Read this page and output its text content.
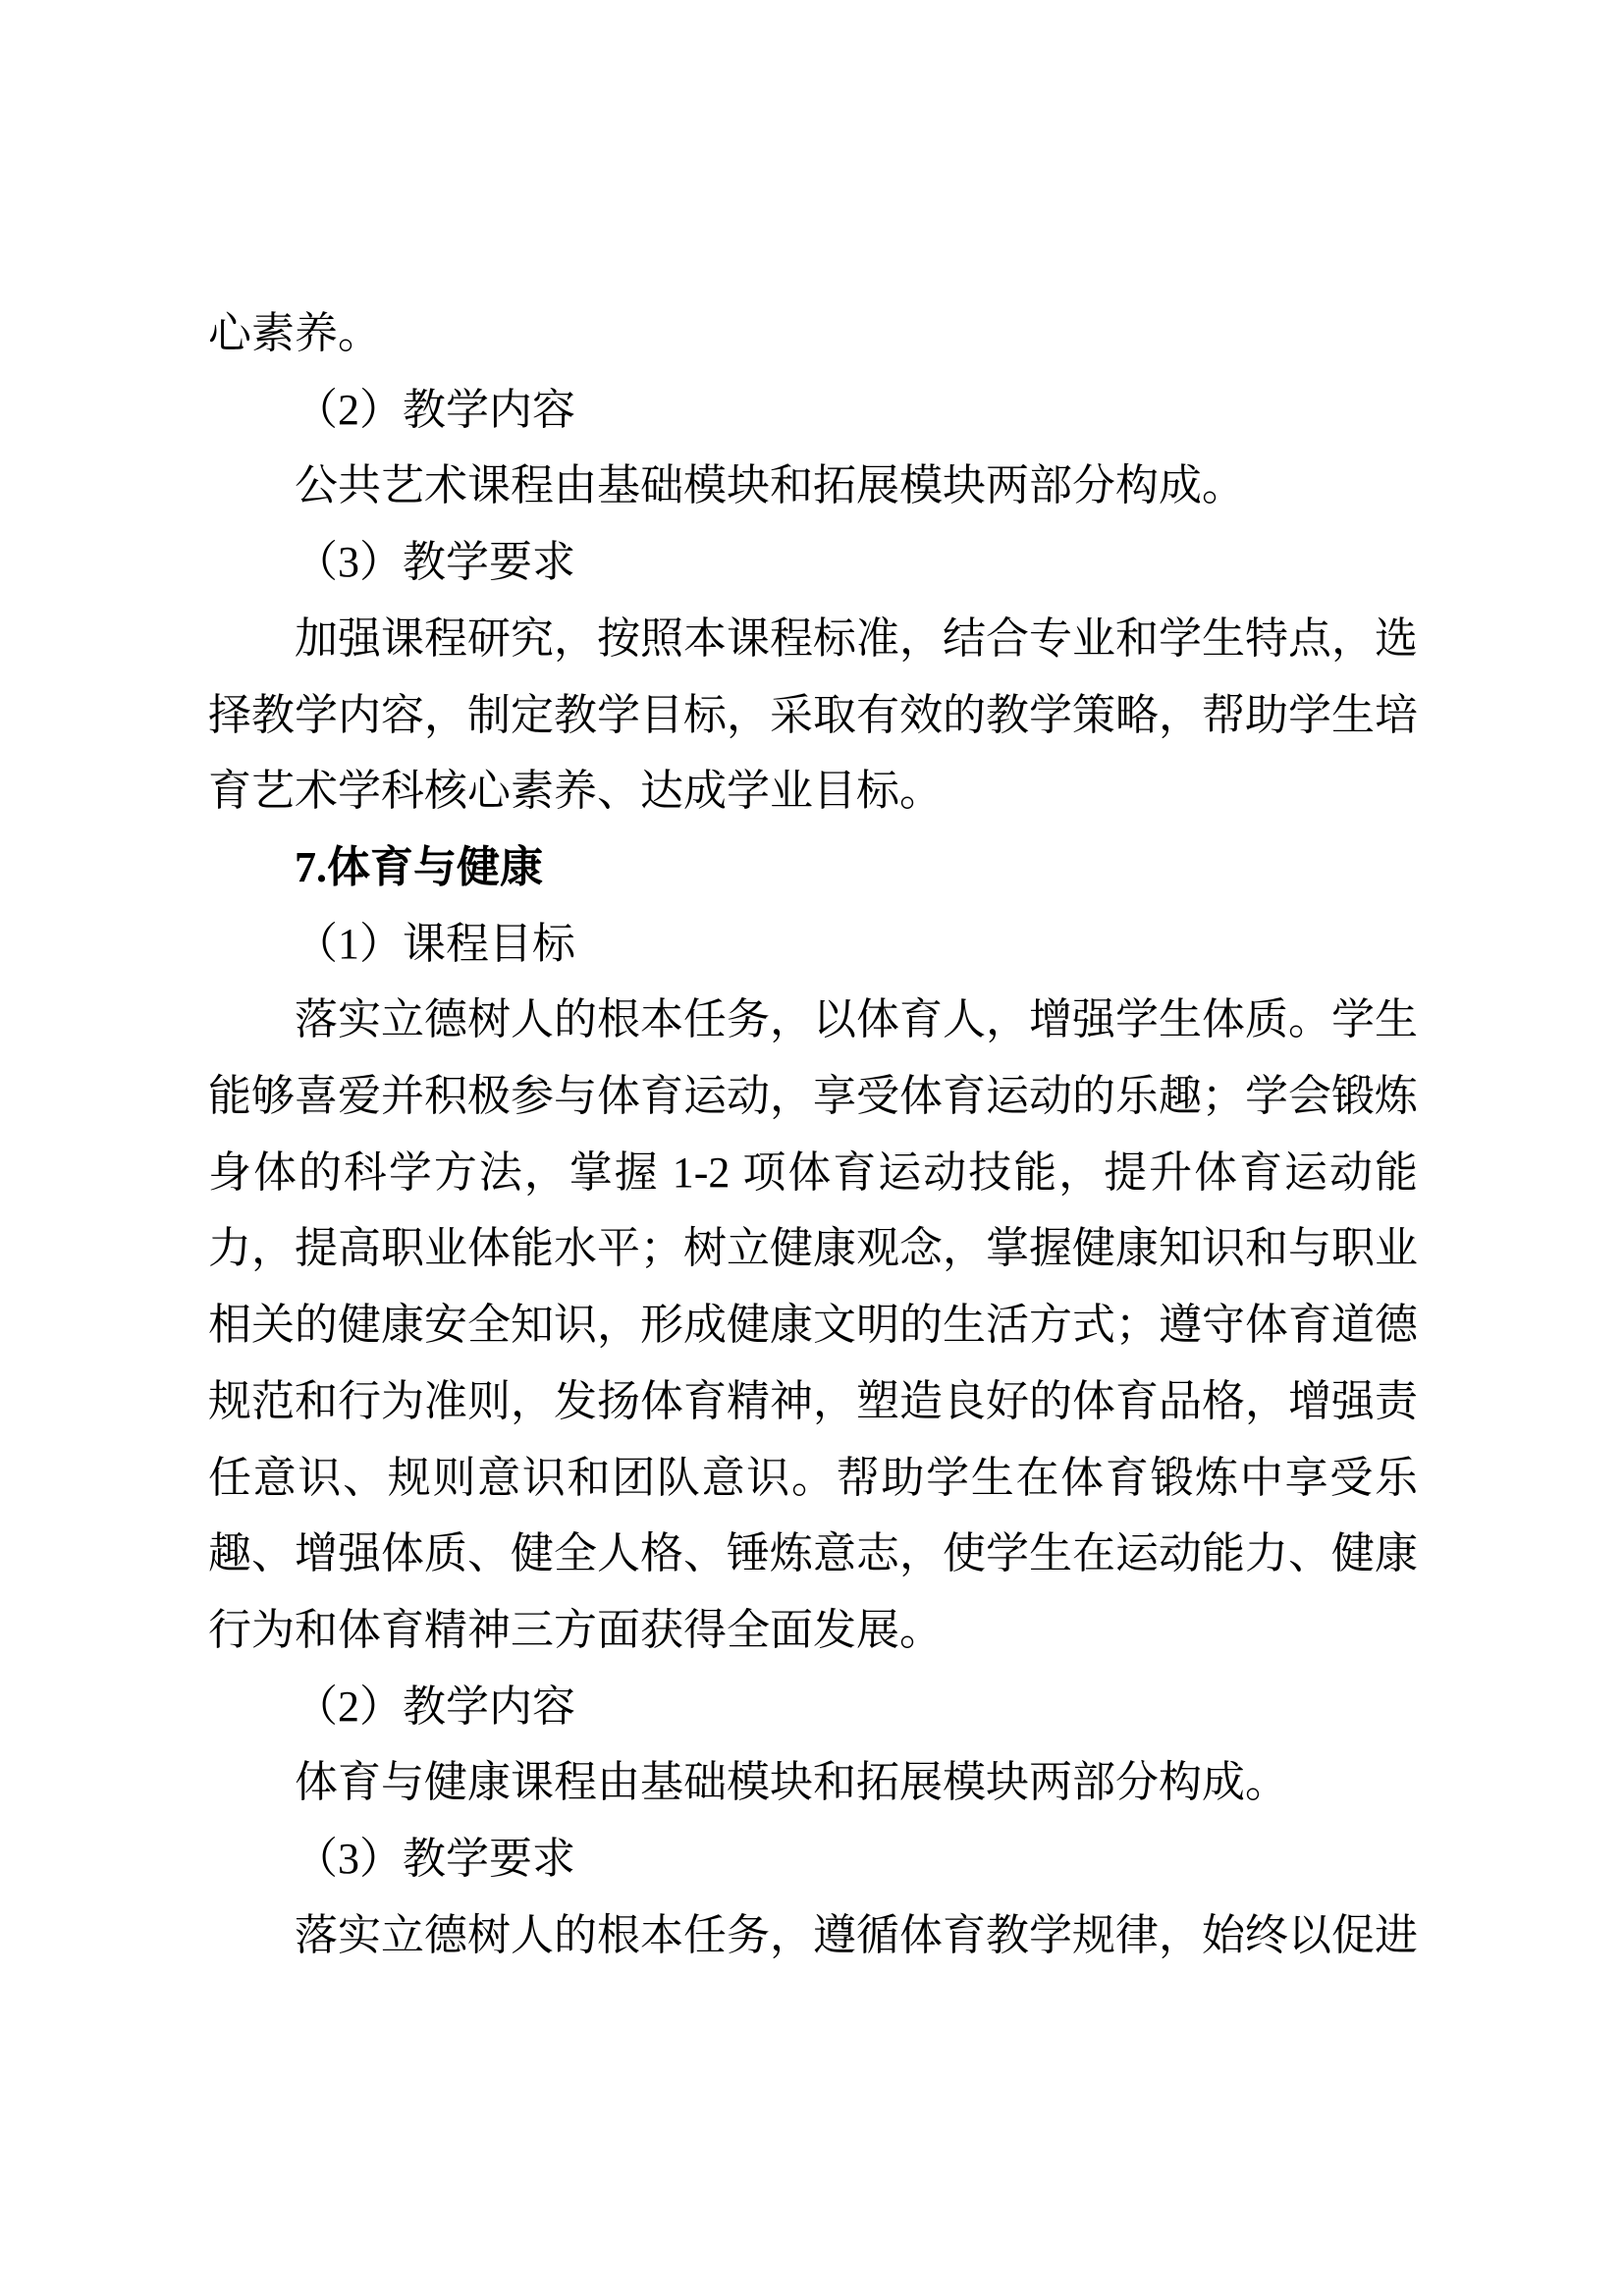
心素养。

（2）教学内容

公共艺术课程由基础模块和拓展模块两部分构成。

（3）教学要求

加强课程研究，按照本课程标准，结合专业和学生特点，选择教学内容，制定教学目标，采取有效的教学策略，帮助学生培育艺术学科核心素养、达成学业目标。

7.体育与健康

（1）课程目标

落实立德树人的根本任务，以体育人，增强学生体质。学生能够喜爱并积极参与体育运动，享受体育运动的乐趣；学会锻炼身体的科学方法，掌握 1-2 项体育运动技能，提升体育运动能力，提高职业体能水平；树立健康观念，掌握健康知识和与职业相关的健康安全知识，形成健康文明的生活方式；遵守体育道德规范和行为准则，发扬体育精神，塑造良好的体育品格，增强责任意识、规则意识和团队意识。帮助学生在体育锻炼中享受乐趣、增强体质、健全人格、锤炼意志，使学生在运动能力、健康行为和体育精神三方面获得全面发展。

（2）教学内容

体育与健康课程由基础模块和拓展模块两部分构成。

（3）教学要求

落实立德树人的根本任务，遵循体育教学规律，始终以促进
